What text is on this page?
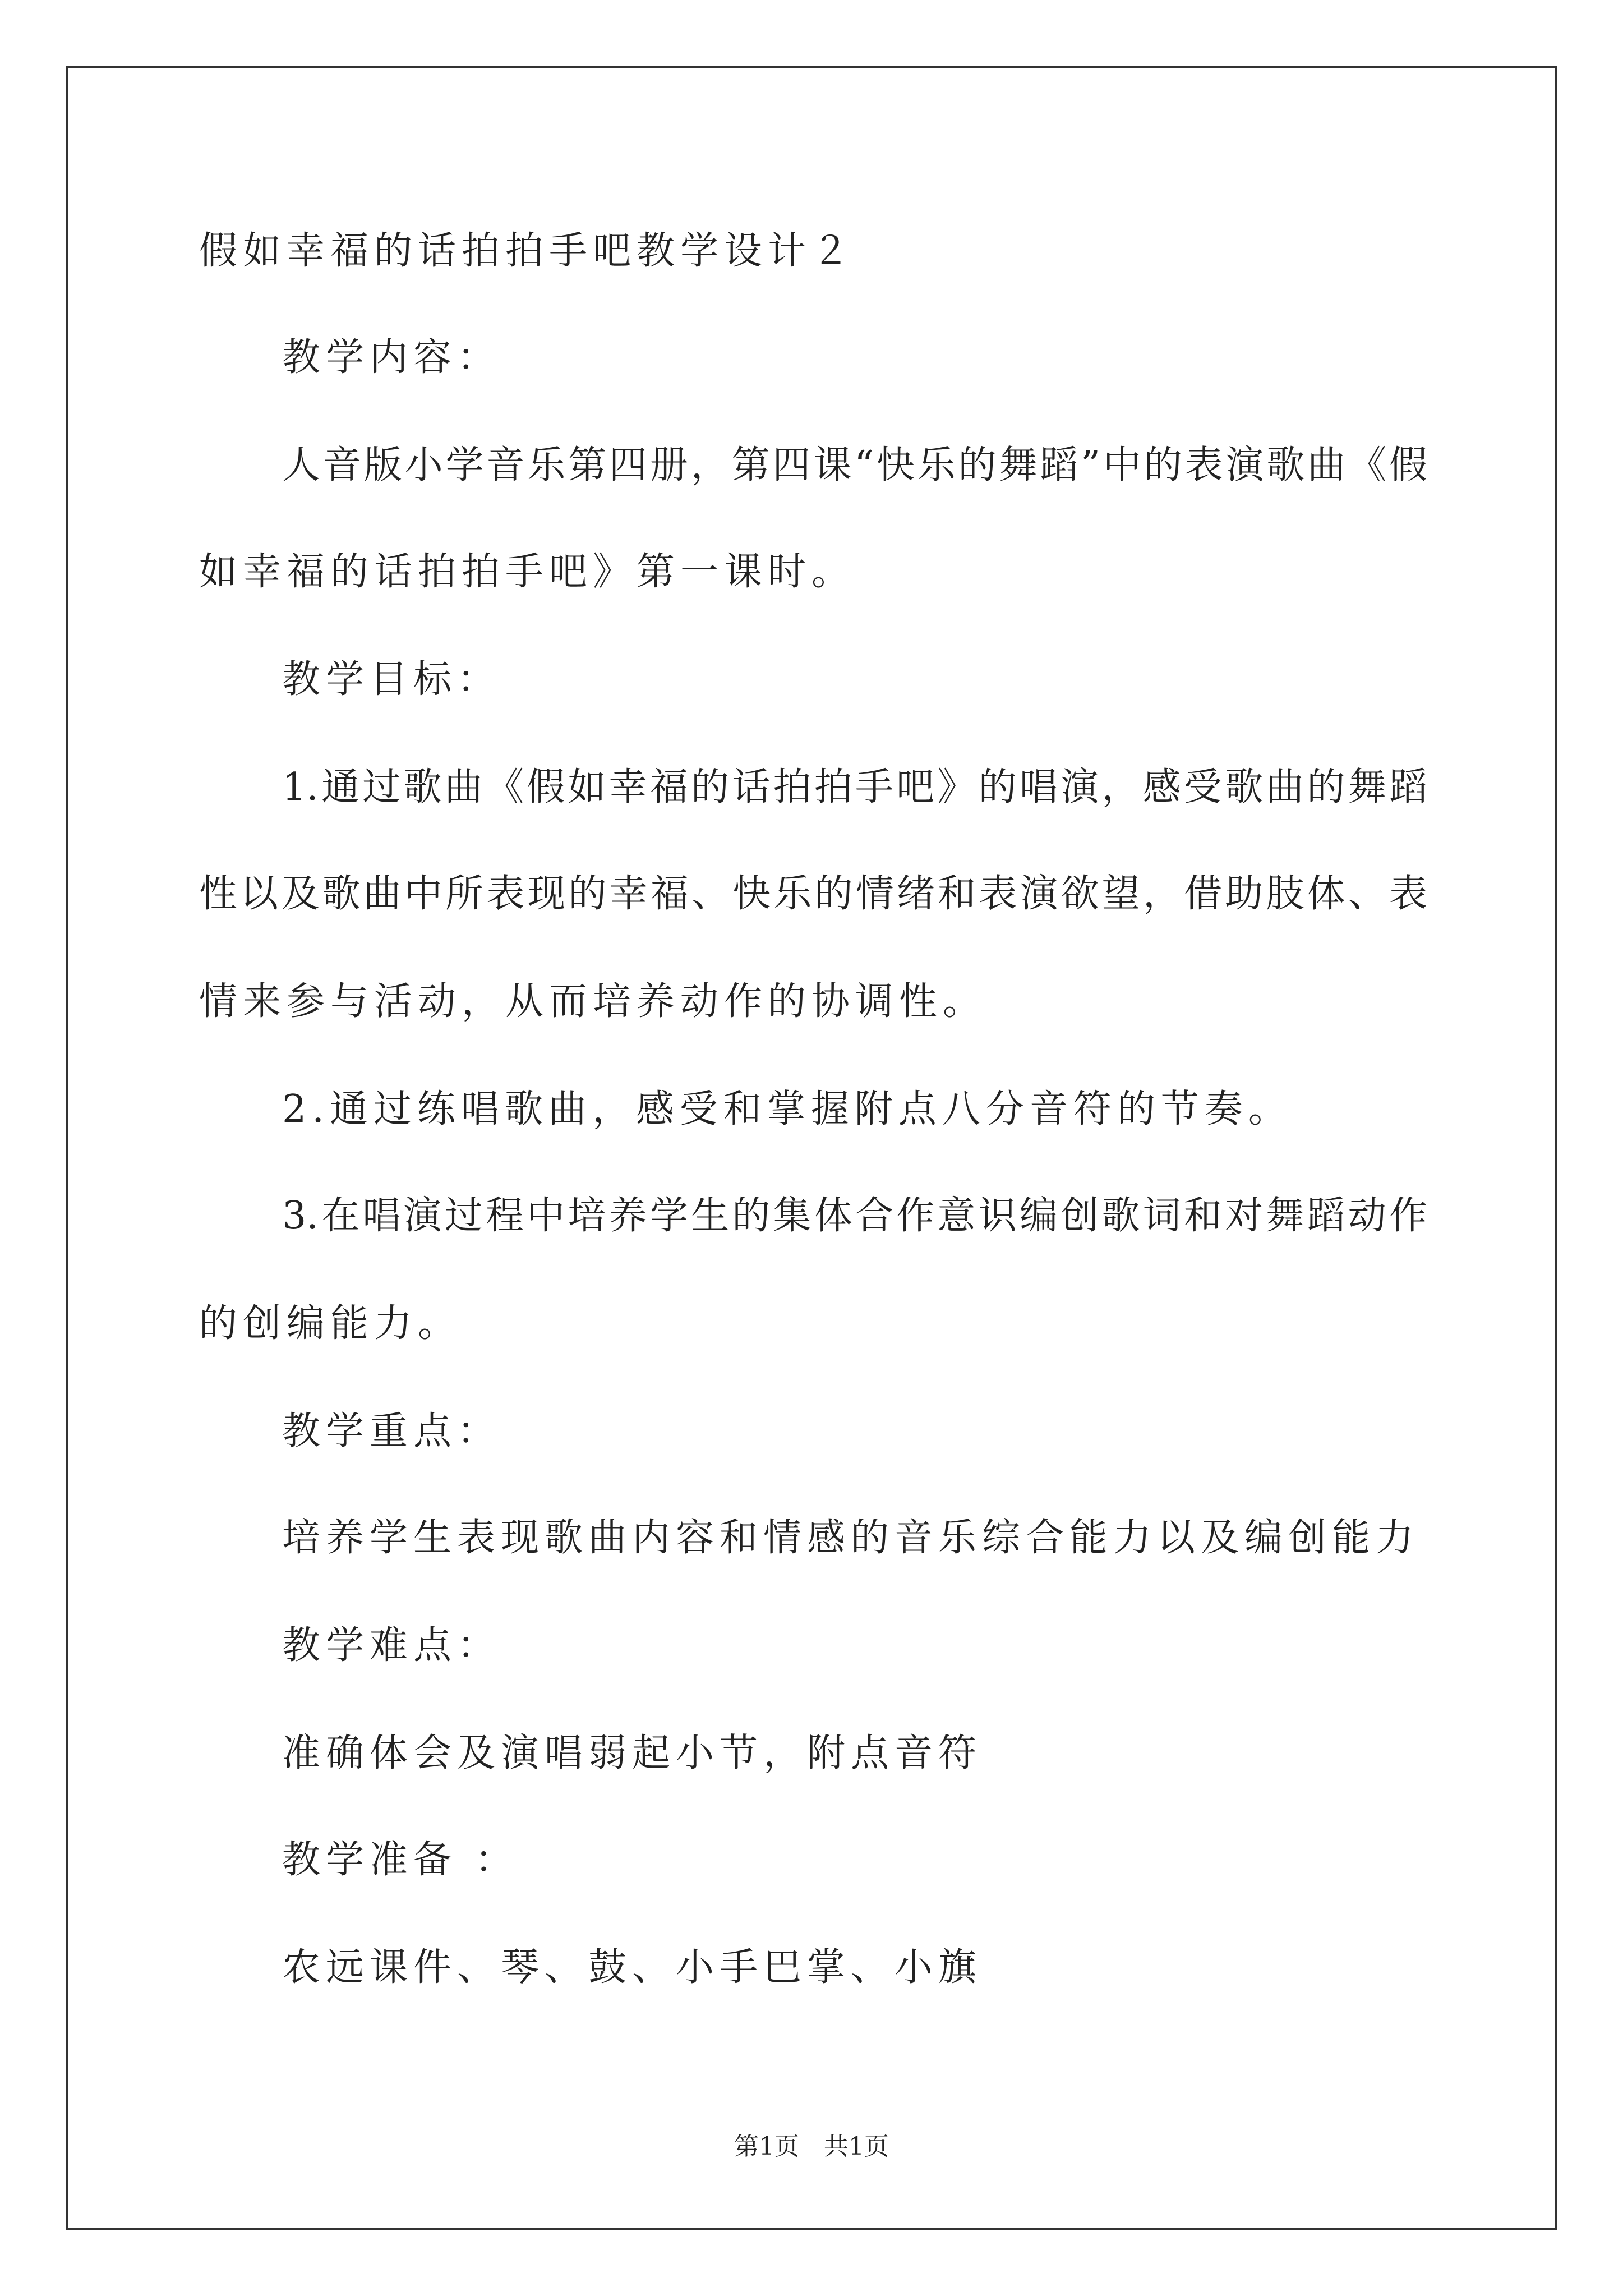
假如幸福的话拍拍手吧教学设计２
教学内容：
人音版小学音乐第四册，第四课“快乐的舞蹈”中的表演歌曲《假
如幸福的话拍拍手吧》第一课时。
教学目标：
1.通过歌曲《假如幸福的话拍拍手吧》的唱演，感受歌曲的舞蹈
性以及歌曲中所表现的幸福、快乐的情绪和表演欲望，借助肢体、表
情来参与活动，从而培养动作的协调性。
2.通过练唱歌曲，感受和掌握附点八分音符的节奏。
3.在唱演过程中培养学生的集体合作意识编创歌词和对舞蹈动作
的创编能力。
教学重点：
培养学生表现歌曲内容和情感的音乐综合能力以及编创能力
教学难点：
准确体会及演唱弱起小节，附点音符
教学准备 ：
农远课件、琴、鼓、小手巴掌、小旗
第1页　共1页
